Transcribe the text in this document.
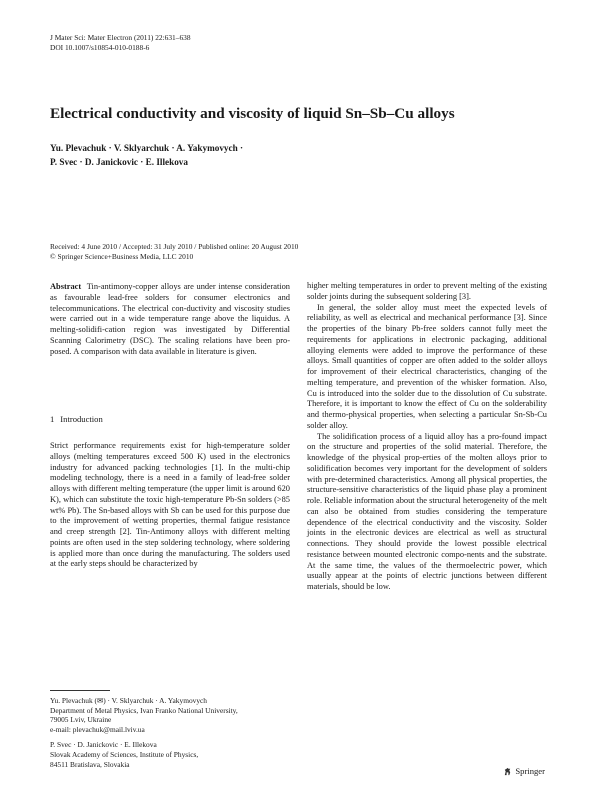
J Mater Sci: Mater Electron (2011) 22:631–638
DOI 10.1007/s10854-010-0188-6
Electrical conductivity and viscosity of liquid Sn–Sb–Cu alloys
Yu. Plevachuk · V. Sklyarchuk · A. Yakymovych ·
P. Svec · D. Janickovic · E. Illekova
Received: 4 June 2010 / Accepted: 31 July 2010 / Published online: 20 August 2010
© Springer Science+Business Media, LLC 2010

Abstract Tin-antimony-copper alloys are under intense consideration as favourable lead-free solders for consumer electronics and telecommunications. The electrical con-ductivity and viscosity studies were carried out in a wide temperature range above the liquidus. A melting-solidifi-cation region was investigated by Differential Scanning Calorimetry (DSC). The scaling relations have been pro-posed. A comparison with data available in literature is given.

1 Introduction

Strict performance requirements exist for high-temperature solder alloys (melting temperatures exceed 500 K) used in the electronics industry for advanced packing technologies [1]. In the multi-chip modeling technology, there is a need in a family of lead-free solder alloys with different melting temperature (the upper limit is around 620 K), which can substitute the toxic high-temperature Pb-Sn solders (>85 wt% Pb). The Sn-based alloys with Sb can be used for this purpose due to the improvement of wetting properties, thermal fatigue resistance and creep strength [2]. Tin-Antimony alloys with different melting points are often used in the step soldering technology, where soldering is applied more than once during the manufacturing. The solders used at the early steps should be characterized by

higher melting temperatures in order to prevent melting of the existing solder joints during the subsequent soldering [3].

In general, the solder alloy must meet the expected levels of reliability, as well as electrical and mechanical performance [3]. Since the properties of the binary Pb-free solders cannot fully meet the requirements for applications in electronic packaging, additional alloying elements were added to improve the performance of these alloys. Small quantities of copper are often added to the solder alloys for improvement of their electrical characteristics, changing of the melting temperature, and prevention of the whisker formation. Also, Cu is introduced into the solder due to the dissolution of Cu substrate. Therefore, it is important to know the effect of Cu on the solderability and thermo-physical properties, when selecting a particular Sn-Sb-Cu solder alloy.

The solidification process of a liquid alloy has a pro-found impact on the structure and properties of the solid material. Therefore, the knowledge of the physical prop-erties of the molten alloys prior to solidification becomes very important for the development of solders with pre-determined characteristics. Among all physical properties, the structure-sensitive characteristics of the liquid phase play a prominent role. Reliable information about the structural heterogeneity of the melt can also be obtained from studies considering the temperature dependence of the electrical conductivity and the viscosity. Solder joints in the electronic devices are electrical as well as structural connections. They should provide the lowest possible electrical resistance between mounted electronic compo-nents and the substrate. At the same time, the values of the thermoelectric power, which usually appear at the points of electric junctions between different materials, should be low.

Yu. Plevachuk (✉) · V. Sklyarchuk · A. Yakymovych
Department of Metal Physics, Ivan Franko National University,
79005 Lviv, Ukraine
e-mail: plevachuk@mail.lviv.ua
P. Svec · D. Janickovic · E. Illekova
Slovak Academy of Sciences, Institute of Physics,
84511 Bratislava, Slovakia
Springer
